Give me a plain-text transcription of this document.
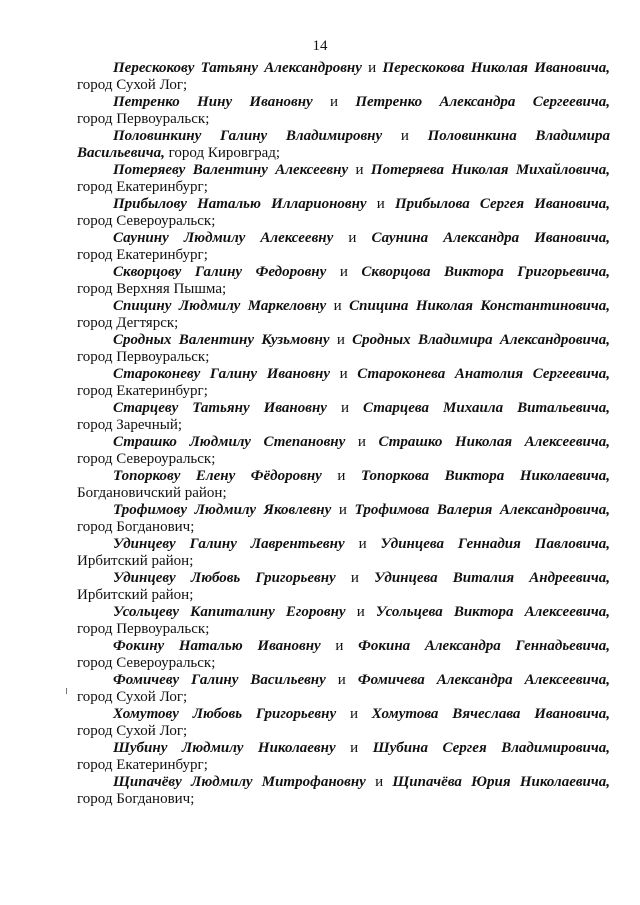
14
Перескокову Татьяну Александровну и Перескокова Николая Ивановича,
город Сухой Лог;
Петренко Нину Ивановну и Петренко Александра Сергеевича,
город Первоуральск;
Половинкину Галину Владимировну и Половинкина Владимира
Васильевича, город Кировград;
Потеряеву Валентину Алексеевну и Потеряева Николая Михайловича,
город Екатеринбург;
Прибылову Наталью Илларионовну и Прибылова Сергея Ивановича,
город Североуральск;
Саунину Людмилу Алексеевну и Саунина Александра Ивановича,
город Екатеринбург;
Скворцову Галину Федоровну и Скворцова Виктора Григорьевича,
город Верхняя Пышма;
Спицину Людмилу Маркеловну и Спицина Николая Константиновича,
город Дегтярск;
Сродных Валентину Кузьмовну и Сродных Владимира Александровича,
город Первоуральск;
Староконеву Галину Ивановну и Староконева Анатолия Сергеевича,
город Екатеринбург;
Старцеву Татьяну Ивановну и Старцева Михаила Витальевича,
город Заречный;
Страшко Людмилу Степановну и Страшко Николая Алексеевича,
город Североуральск;
Топоркову Елену Фёдоровну и Топоркова Виктора Николаевича,
Богдановичский район;
Трофимову Людмилу Яковлевну и Трофимова Валерия Александровича,
город Богданович;
Удинцеву Галину Лаврентьевну и Удинцева Геннадия Павловича,
Ирбитский район;
Удинцеву Любовь Григорьевну и Удинцева Виталия Андреевича,
Ирбитский район;
Усольцеву Капиталину Егоровну и Усольцева Виктора Алексеевича,
город Первоуральск;
Фокину Наталью Ивановну и Фокина Александра Геннадьевича,
город Североуральск;
Фомичеву Галину Васильевну и Фомичева Александра Алексеевича,
город Сухой Лог;
Хомутову Любовь Григорьевну и Хомутова Вячеслава Ивановича,
город Сухой Лог;
Шубину Людмилу Николаевну и Шубина Сергея Владимировича,
город Екатеринбург;
Щипачёву Людмилу Митрофановну и Щипачёва Юрия Николаевича,
город Богданович;
